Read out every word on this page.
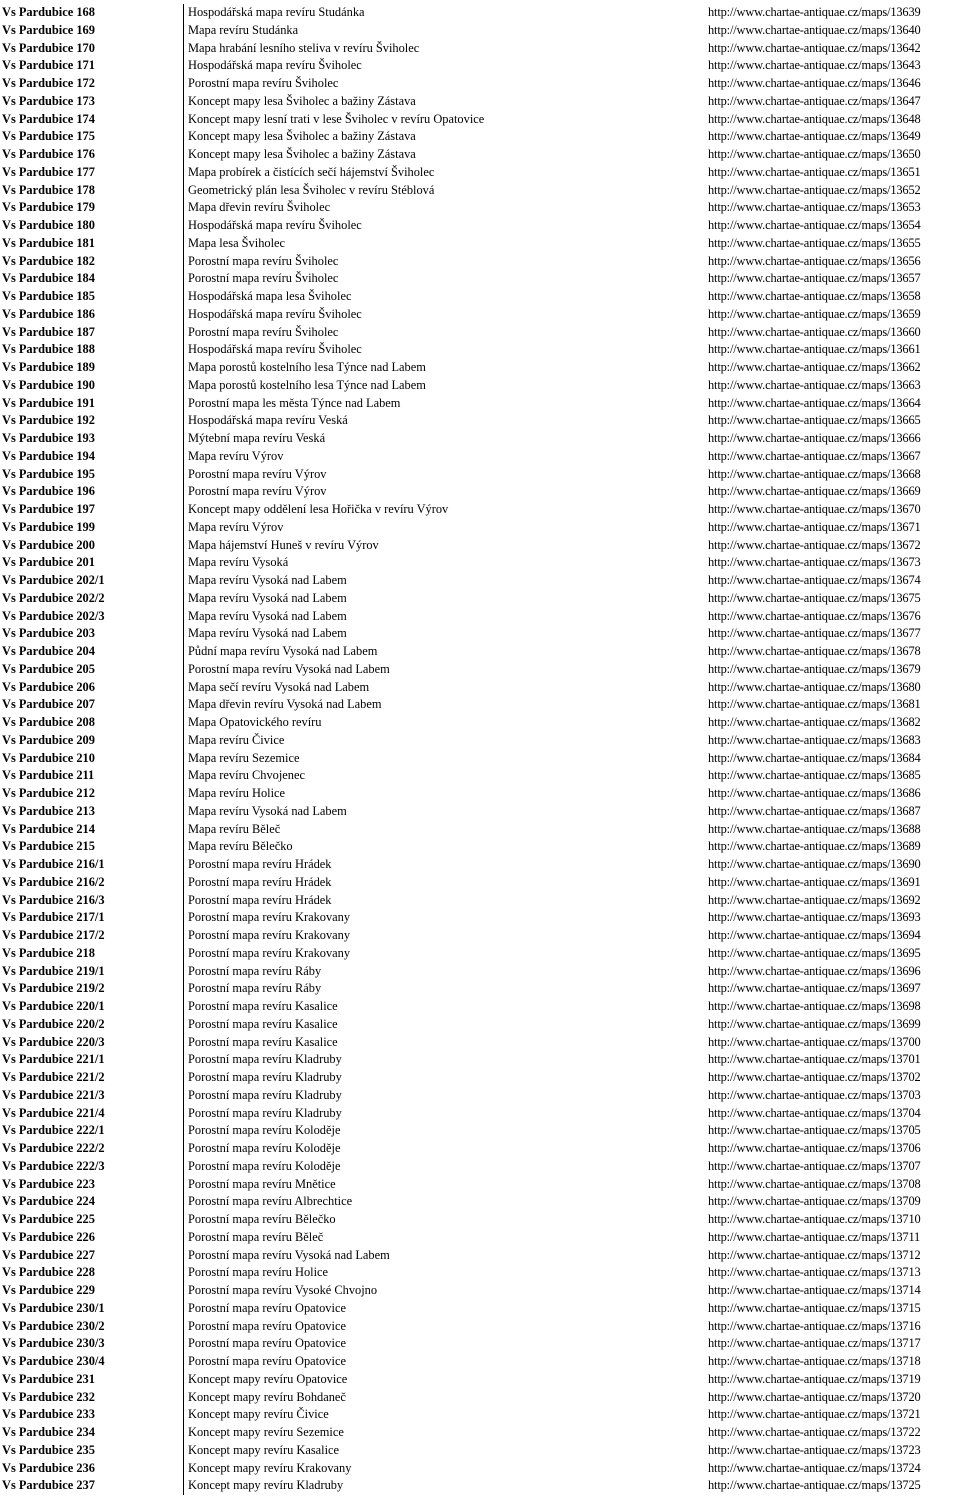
Vs Pardubice 168	Hospodářská mapa revíru Studánka	http://www.chartae-antiquae.cz/maps/13639
Vs Pardubice 169	Mapa revíru Studánka	http://www.chartae-antiquae.cz/maps/13640
Vs Pardubice 170	Mapa hrabání lesního steliva v revíru Šviholec	http://www.chartae-antiquae.cz/maps/13642
Vs Pardubice 171	Hospodářská mapa revíru Šviholec	http://www.chartae-antiquae.cz/maps/13643
Vs Pardubice 172	Porostní mapa revíru Šviholec	http://www.chartae-antiquae.cz/maps/13646
Vs Pardubice 173	Koncept mapy lesa Šviholec a bažiny Zástava	http://www.chartae-antiquae.cz/maps/13647
Vs Pardubice 174	Koncept mapy lesní trati v lese Šviholec v revíru Opatovice	http://www.chartae-antiquae.cz/maps/13648
Vs Pardubice 175	Koncept mapy lesa Šviholec a bažiny Zástava	http://www.chartae-antiquae.cz/maps/13649
Vs Pardubice 176	Koncept mapy lesa Šviholec a bažiny Zástava	http://www.chartae-antiquae.cz/maps/13650
Vs Pardubice 177	Mapa probírek a čistících sečí hájemství Šviholec	http://www.chartae-antiquae.cz/maps/13651
Vs Pardubice 178	Geometrický plán lesa Šviholec v revíru Stéblová	http://www.chartae-antiquae.cz/maps/13652
Vs Pardubice 179	Mapa dřevin revíru Šviholec	http://www.chartae-antiquae.cz/maps/13653
Vs Pardubice 180	Hospodářská mapa revíru Šviholec	http://www.chartae-antiquae.cz/maps/13654
Vs Pardubice 181	Mapa lesa Šviholec	http://www.chartae-antiquae.cz/maps/13655
Vs Pardubice 182	Porostní mapa revíru Šviholec	http://www.chartae-antiquae.cz/maps/13656
Vs Pardubice 184	Porostní mapa revíru Šviholec	http://www.chartae-antiquae.cz/maps/13657
Vs Pardubice 185	Hospodářská mapa lesa Šviholec	http://www.chartae-antiquae.cz/maps/13658
Vs Pardubice 186	Hospodářská mapa revíru Šviholec	http://www.chartae-antiquae.cz/maps/13659
Vs Pardubice 187	Porostní mapa revíru Šviholec	http://www.chartae-antiquae.cz/maps/13660
Vs Pardubice 188	Hospodářská mapa revíru Šviholec	http://www.chartae-antiquae.cz/maps/13661
Vs Pardubice 189	Mapa porostů kostelního lesa Týnce nad Labem	http://www.chartae-antiquae.cz/maps/13662
Vs Pardubice 190	Mapa porostů kostelního lesa Týnce nad Labem	http://www.chartae-antiquae.cz/maps/13663
Vs Pardubice 191	Porostní mapa les města Týnce nad Labem	http://www.chartae-antiquae.cz/maps/13664
Vs Pardubice 192	Hospodářská mapa revíru Veská	http://www.chartae-antiquae.cz/maps/13665
Vs Pardubice 193	Mýtební mapa revíru Veská	http://www.chartae-antiquae.cz/maps/13666
Vs Pardubice 194	Mapa revíru Výrov	http://www.chartae-antiquae.cz/maps/13667
Vs Pardubice 195	Porostní mapa revíru Výrov	http://www.chartae-antiquae.cz/maps/13668
Vs Pardubice 196	Porostní mapa revíru Výrov	http://www.chartae-antiquae.cz/maps/13669
Vs Pardubice 197	Koncept mapy oddělení lesa Hořička v revíru Výrov	http://www.chartae-antiquae.cz/maps/13670
Vs Pardubice 199	Mapa revíru Výrov	http://www.chartae-antiquae.cz/maps/13671
Vs Pardubice 200	Mapa hájemství Huneš v revíru Výrov	http://www.chartae-antiquae.cz/maps/13672
Vs Pardubice 201	Mapa revíru Vysoká	http://www.chartae-antiquae.cz/maps/13673
Vs Pardubice 202/1	Mapa revíru Vysoká nad Labem	http://www.chartae-antiquae.cz/maps/13674
Vs Pardubice 202/2	Mapa revíru Vysoká nad Labem	http://www.chartae-antiquae.cz/maps/13675
Vs Pardubice 202/3	Mapa revíru Vysoká nad Labem	http://www.chartae-antiquae.cz/maps/13676
Vs Pardubice 203	Mapa revíru Vysoká nad Labem	http://www.chartae-antiquae.cz/maps/13677
Vs Pardubice 204	Půdní mapa revíru Vysoká nad Labem	http://www.chartae-antiquae.cz/maps/13678
Vs Pardubice 205	Porostní mapa revíru Vysoká nad Labem	http://www.chartae-antiquae.cz/maps/13679
Vs Pardubice 206	Mapa sečí revíru Vysoká nad Labem	http://www.chartae-antiquae.cz/maps/13680
Vs Pardubice 207	Mapa dřevin revíru Vysoká nad Labem	http://www.chartae-antiquae.cz/maps/13681
Vs Pardubice 208	Mapa Opatovického revíru	http://www.chartae-antiquae.cz/maps/13682
Vs Pardubice 209	Mapa revíru Čivice	http://www.chartae-antiquae.cz/maps/13683
Vs Pardubice 210	Mapa revíru Sezemice	http://www.chartae-antiquae.cz/maps/13684
Vs Pardubice 211	Mapa revíru Chvojenec	http://www.chartae-antiquae.cz/maps/13685
Vs Pardubice 212	Mapa revíru Holice	http://www.chartae-antiquae.cz/maps/13686
Vs Pardubice 213	Mapa revíru Vysoká nad Labem	http://www.chartae-antiquae.cz/maps/13687
Vs Pardubice 214	Mapa revíru Běleč	http://www.chartae-antiquae.cz/maps/13688
Vs Pardubice 215	Mapa revíru Bělečko	http://www.chartae-antiquae.cz/maps/13689
Vs Pardubice 216/1	Porostní mapa revíru Hrádek	http://www.chartae-antiquae.cz/maps/13690
Vs Pardubice 216/2	Porostní mapa revíru Hrádek	http://www.chartae-antiquae.cz/maps/13691
Vs Pardubice 216/3	Porostní mapa revíru Hrádek	http://www.chartae-antiquae.cz/maps/13692
Vs Pardubice 217/1	Porostní mapa revíru Krakovany	http://www.chartae-antiquae.cz/maps/13693
Vs Pardubice 217/2	Porostní mapa revíru Krakovany	http://www.chartae-antiquae.cz/maps/13694
Vs Pardubice 218	Porostní mapa revíru Krakovany	http://www.chartae-antiquae.cz/maps/13695
Vs Pardubice 219/1	Porostní mapa revíru Ráby	http://www.chartae-antiquae.cz/maps/13696
Vs Pardubice 219/2	Porostní mapa revíru Ráby	http://www.chartae-antiquae.cz/maps/13697
Vs Pardubice 220/1	Porostní mapa revíru Kasalice	http://www.chartae-antiquae.cz/maps/13698
Vs Pardubice 220/2	Porostní mapa revíru Kasalice	http://www.chartae-antiquae.cz/maps/13699
Vs Pardubice 220/3	Porostní mapa revíru Kasalice	http://www.chartae-antiquae.cz/maps/13700
Vs Pardubice 221/1	Porostní mapa revíru Kladruby	http://www.chartae-antiquae.cz/maps/13701
Vs Pardubice 221/2	Porostní mapa revíru Kladruby	http://www.chartae-antiquae.cz/maps/13702
Vs Pardubice 221/3	Porostní mapa revíru Kladruby	http://www.chartae-antiquae.cz/maps/13703
Vs Pardubice 221/4	Porostní mapa revíru Kladruby	http://www.chartae-antiquae.cz/maps/13704
Vs Pardubice 222/1	Porostní mapa revíru Koloděje	http://www.chartae-antiquae.cz/maps/13705
Vs Pardubice 222/2	Porostní mapa revíru Koloděje	http://www.chartae-antiquae.cz/maps/13706
Vs Pardubice 222/3	Porostní mapa revíru Koloděje	http://www.chartae-antiquae.cz/maps/13707
Vs Pardubice 223	Porostní mapa revíru Mnětice	http://www.chartae-antiquae.cz/maps/13708
Vs Pardubice 224	Porostní mapa revíru Albrechtice	http://www.chartae-antiquae.cz/maps/13709
Vs Pardubice 225	Porostní mapa revíru Bělečko	http://www.chartae-antiquae.cz/maps/13710
Vs Pardubice 226	Porostní mapa revíru Běleč	http://www.chartae-antiquae.cz/maps/13711
Vs Pardubice 227	Porostní mapa revíru Vysoká nad Labem	http://www.chartae-antiquae.cz/maps/13712
Vs Pardubice 228	Porostní mapa revíru Holice	http://www.chartae-antiquae.cz/maps/13713
Vs Pardubice 229	Porostní mapa revíru Vysoké Chvojno	http://www.chartae-antiquae.cz/maps/13714
Vs Pardubice 230/1	Porostní mapa revíru Opatovice	http://www.chartae-antiquae.cz/maps/13715
Vs Pardubice 230/2	Porostní mapa revíru Opatovice	http://www.chartae-antiquae.cz/maps/13716
Vs Pardubice 230/3	Porostní mapa revíru Opatovice	http://www.chartae-antiquae.cz/maps/13717
Vs Pardubice 230/4	Porostní mapa revíru Opatovice	http://www.chartae-antiquae.cz/maps/13718
Vs Pardubice 231	Koncept mapy revíru Opatovice	http://www.chartae-antiquae.cz/maps/13719
Vs Pardubice 232	Koncept mapy revíru Bohdaneč	http://www.chartae-antiquae.cz/maps/13720
Vs Pardubice 233	Koncept mapy revíru Čivice	http://www.chartae-antiquae.cz/maps/13721
Vs Pardubice 234	Koncept mapy revíru Sezemice	http://www.chartae-antiquae.cz/maps/13722
Vs Pardubice 235	Koncept mapy revíru Kasalice	http://www.chartae-antiquae.cz/maps/13723
Vs Pardubice 236	Koncept mapy revíru Krakovany	http://www.chartae-antiquae.cz/maps/13724
Vs Pardubice 237	Koncept mapy revíru Kladruby	http://www.chartae-antiquae.cz/maps/13725
